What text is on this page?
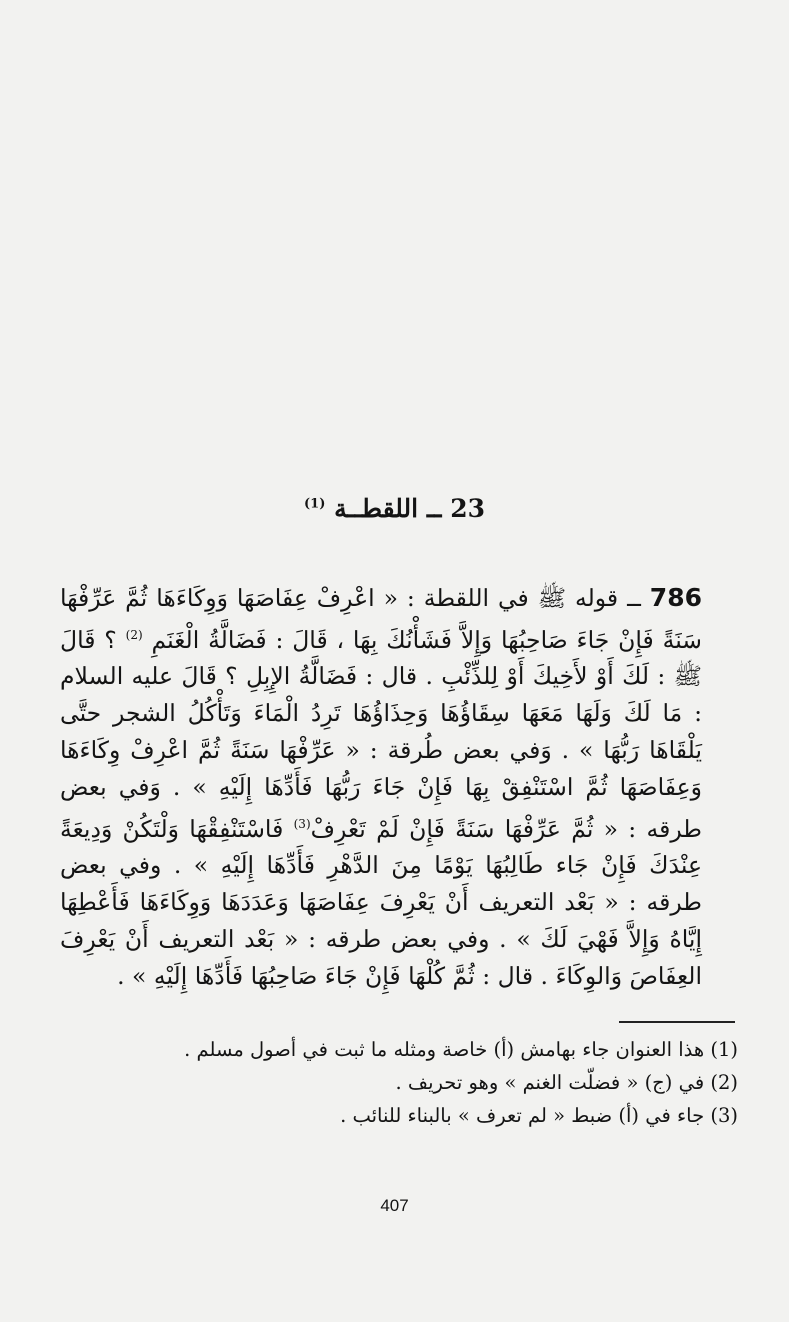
23 ــ اللقطــة $^{(1)}$
786 ــ قوله ﷺ في اللقطة : « اعْرِفْ عِفَاصَهَا وَوِكَاءَهَا ثُمَّ عَرِّفْهَا سَنَةً فَإِنْ جَاءَ صَاحِبُهَا وَإِلاَّ فَشَأْنُكَ بِهَا ، قَالَ : فَضَالَّةُ الْغَنَمِ $^{(2)}$ ؟ قَالَ ﷺ : لَكَ أَوْ لأَخِيكَ أَوْ لِلذِّئْبِ . قال : فَضَالَّةُ الإِبِلِ ؟ قَالَ عليه السلام : مَا لَكَ وَلَهَا مَعَهَا سِقَاؤُهَا وَحِذَاؤُهَا تَرِدُ الْمَاءَ وَتَأْكُلُ الشجر حتَّى يَلْقَاهَا رَبُّهَا » . وَفي بعض طُرقة : « عَرِّفْهَا سَنَةً ثُمَّ اعْرِفْ وِكَاءَهَا وَعِفَاصَهَا ثُمَّ اسْتَنْفِقْ بِهَا فَإِنْ جَاءَ رَبُّهَا فَأَدِّهَا إِلَيْهِ » . وَفي بعض طرقه : « ثُمَّ عَرِّفْهَا سَنَةً فَإِنْ لَمْ تَعْرِفْ$^{(3)}$ فَاسْتَنْفِقْهَا وَلْتَكُنْ وَدِيعَةً عِنْدَكَ فَإِنْ جَاء طَالِبُهَا يَوْمًا مِنَ الدَّهْرِ فَأَدِّهَا إِلَيْهِ » . وفي بعض طرقه : « بَعْد التعريف أَنْ يَعْرِفَ عِفَاصَهَا وَعَدَدَهَا وَوِكَاءَهَا فَأَعْطِهَا إِيَّاهُ وَإِلاَّ فَهْيَ لَكَ » . وفي بعض طرقه : « بَعْد التعريف أَنْ يَعْرِفَ العِفَاصَ وَالوِكَاءَ . قال : ثُمَّ كُلْهَا فَإِنْ جَاءَ صَاحِبُهَا فَأَدِّهَا إِلَيْهِ » .
(1) هذا العنوان جاء بهامش (أ) خاصة ومثله ما ثبت في أصول مسلم .
(2) في (ج) « فضلّت الغنم » وهو تحريف .
(3) جاء في (أ) ضبط « لم تعرف » بالبناء للنائب .
407
